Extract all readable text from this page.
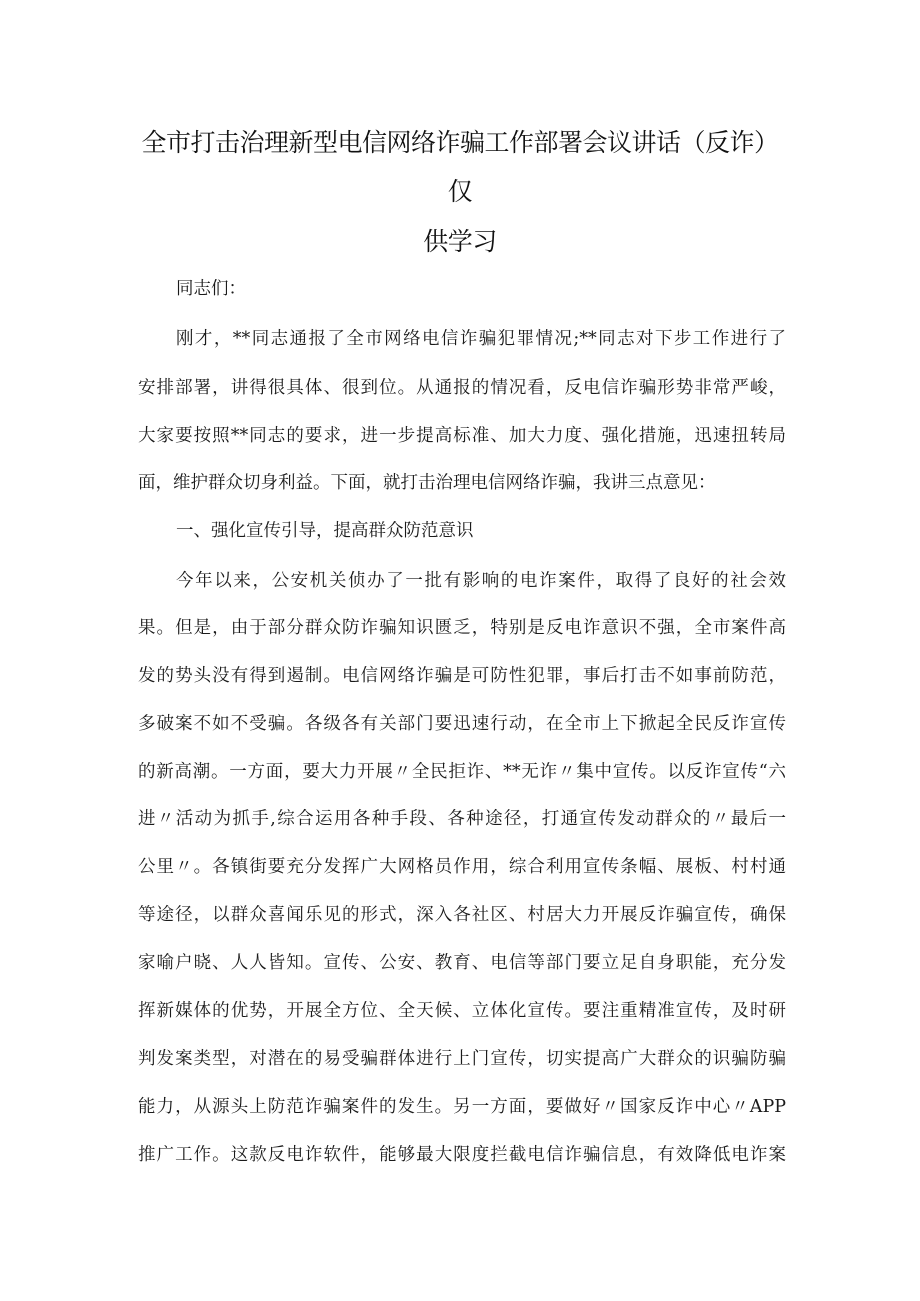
全市打击治理新型电信网络诈骗工作部署会议讲话（反诈）
仅
供学习
同志们：
刚才，**同志通报了全市网络电信诈骗犯罪情况;**同志对下步工作进行了
安排部署，讲得很具体、很到位。从通报的情况看，反电信诈骗形势非常严峻，
大家要按照**同志的要求，进一步提高标准、加大力度、强化措施，迅速扭转局
面，维护群众切身利益。下面，就打击治理电信网络诈骗，我讲三点意见：
一、强化宣传引导，提高群众防范意识
今年以来，公安机关侦办了一批有影响的电诈案件，取得了良好的社会效
果。但是，由于部分群众防诈骗知识匮乏，特别是反电诈意识不强，全市案件高
发的势头没有得到遏制。电信网络诈骗是可防性犯罪，事后打击不如事前防范，
多破案不如不受骗。各级各有关部门要迅速行动，在全市上下掀起全民反诈宣传
的新高潮。一方面，要大力开展〃全民拒诈、**无诈〃集中宣传。以反诈宣传“六
进〃活动为抓手,综合运用各种手段、各种途径，打通宣传发动群众的〃最后一
公里〃。各镇街要充分发挥广大网格员作用，综合利用宣传条幅、展板、村村通
等途径，以群众喜闻乐见的形式，深入各社区、村居大力开展反诈骗宣传，确保
家喻户晓、人人皆知。宣传、公安、教育、电信等部门要立足自身职能，充分发
挥新媒体的优势，开展全方位、全天候、立体化宣传。要注重精准宣传，及时研
判发案类型，对潜在的易受骗群体进行上门宣传，切实提高广大群众的识骗防骗
能力，从源头上防范诈骗案件的发生。另一方面，要做好〃国家反诈中心〃APP
推广工作。这款反电诈软件，能够最大限度拦截电信诈骗信息，有效降低电诈案
